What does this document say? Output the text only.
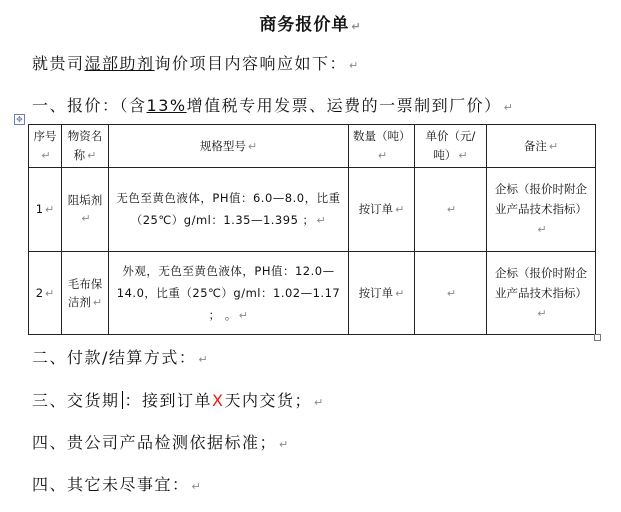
商务报价单 ↵
就贵司湿部助剂询价项目内容响应如下： ↵
一、报价：（含13%增值税专用发票、运费的一票制到厂价） ↵
✥
序号↵	物资名称 ↵	规格型号 ↵	数量（吨）↵	单价（元/吨） ↵	备注 ↵
1 ↵	阻垢剂↵	无色至黄色液体，PH值：6.0—8.0，比重（25℃）g/ml：1.35—1.395 ； ↵	按订单 ↵	↵	企标（报价时附企业产品技术指标）
↵
2 ↵	毛布保洁剂 ↵	外观，无色至黄色液体，PH值：12.0—14.0，比重（25℃）g/ml：1.02—1.17 ； 。 ↵	按订单 ↵	↵	企标（报价时附企业产品技术指标）↵
二、付款/结算方式： ↵
三、交货期 ：接到订单X天内交货； ↵
四、贵公司产品检测依据标准； ↵
四、其它未尽事宜： ↵
